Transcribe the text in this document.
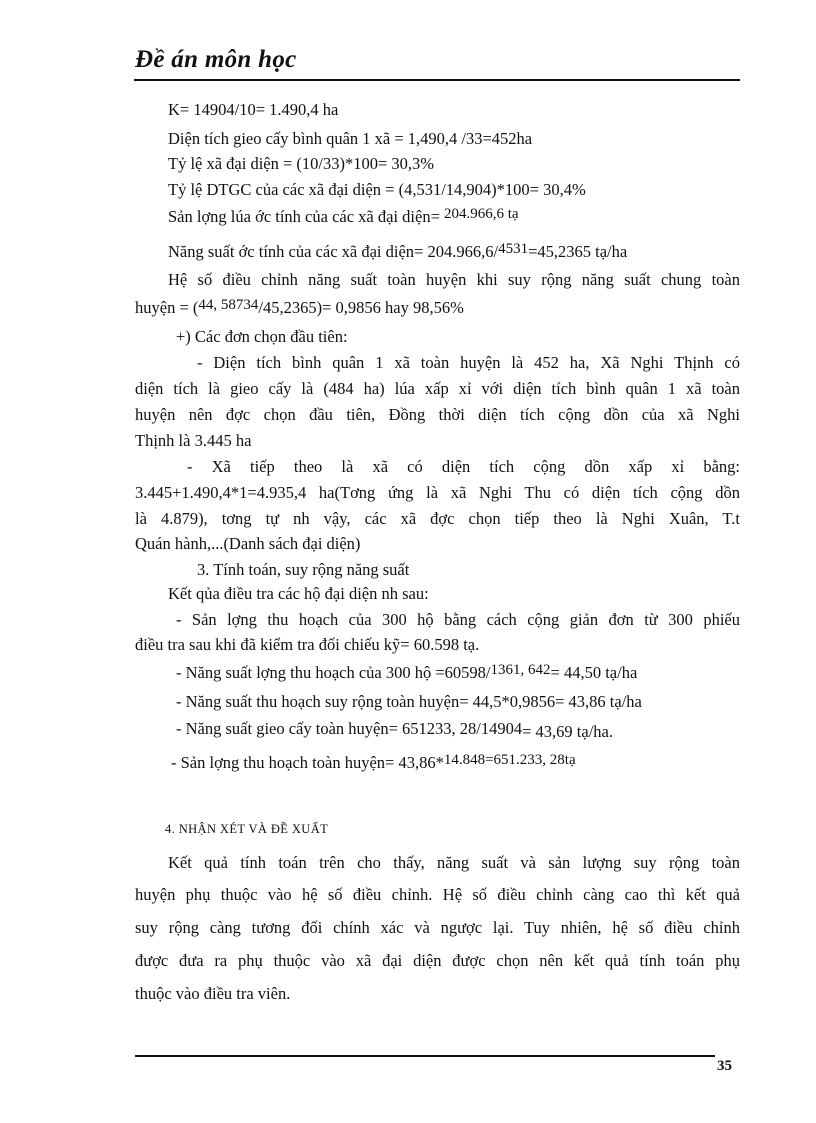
Đề án môn học
K= 14904/10= 1.490,4 ha
Diện tích gieo cấy bình quân 1 xã = 1,490,4 /33=452ha
Tỷ lệ xã đại diện = (10/33)*100= 30,3%
Tỷ lệ DTGC của các xã đại diện = (4,531/14,904)*100= 30,4%
Sản lợng lúa ớc tính của các xã đại diện= 204.966,6 tạ
Năng suất ớc tính của các xã đại diện= 204.966,6/4531=45,2365 tạ/ha
Hệ số điều chỉnh năng suất toàn huyện khi suy rộng năng suất chung toàn
huyện = (44, 58734/45,2365)= 0,9856 hay 98,56%
+) Các đơn chọn đầu tiên:
- Diện tích bình quân 1 xã toàn huyện là 452 ha, Xã Nghi Thịnh có
diện tích là gieo cấy là (484 ha) lúa xấp xỉ với diện tích bình quân 1 xã toàn
huyện nên đợc chọn đầu tiên, Đồng thời diện tích cộng dồn của xã Nghi
Thịnh là 3.445 ha
- Xã tiếp theo là xã có diện tích cộng dồn xấp xỉ bằng:
3.445+1.490,4*1=4.935,4 ha(Tơng ứng là xã Nghi Thu có diện tích cộng dồn
là 4.879), tơng tự nh vậy, các xã đợc chọn tiếp theo là Nghi Xuân, T.t
Quán hành,...(Danh sách đại diện)
3. Tính toán, suy rộng năng suất
Kết qủa điều tra các hộ đại diện nh sau:
- Sản lợng thu hoạch của 300 hộ bằng cách cộng giản đơn từ 300 phiếu
điều tra sau khi đã kiểm tra đối chiếu kỹ= 60.598 tạ.
- Năng suất lợng thu hoạch của 300 hộ =60598/1361, 642= 44,50 tạ/ha
- Năng suất thu hoạch suy rộng toàn huyện= 44,5*0,9856= 43,86 tạ/ha
- Năng suất gieo cấy toàn huyện= 651233, 28/14904= 43,69 tạ/ha.
- Sản lợng thu hoạch toàn huyện= 43,86*14.848=651.233, 28tạ
4. NHẬN XÉT VÀ ĐỀ XUẤT
Kết quả tính toán trên cho thấy, năng suất và sản lượng suy rộng toàn
huyện phụ thuộc vào hệ số điều chỉnh. Hệ số điều chỉnh càng cao thì kết quả
suy rộng càng tương đối chính xác và ngược lại. Tuy nhiên, hệ số điều chỉnh
được đưa ra phụ thuộc vào xã đại diện được chọn nên kết quả tính toán phụ
thuộc vào điều tra viên.
35
